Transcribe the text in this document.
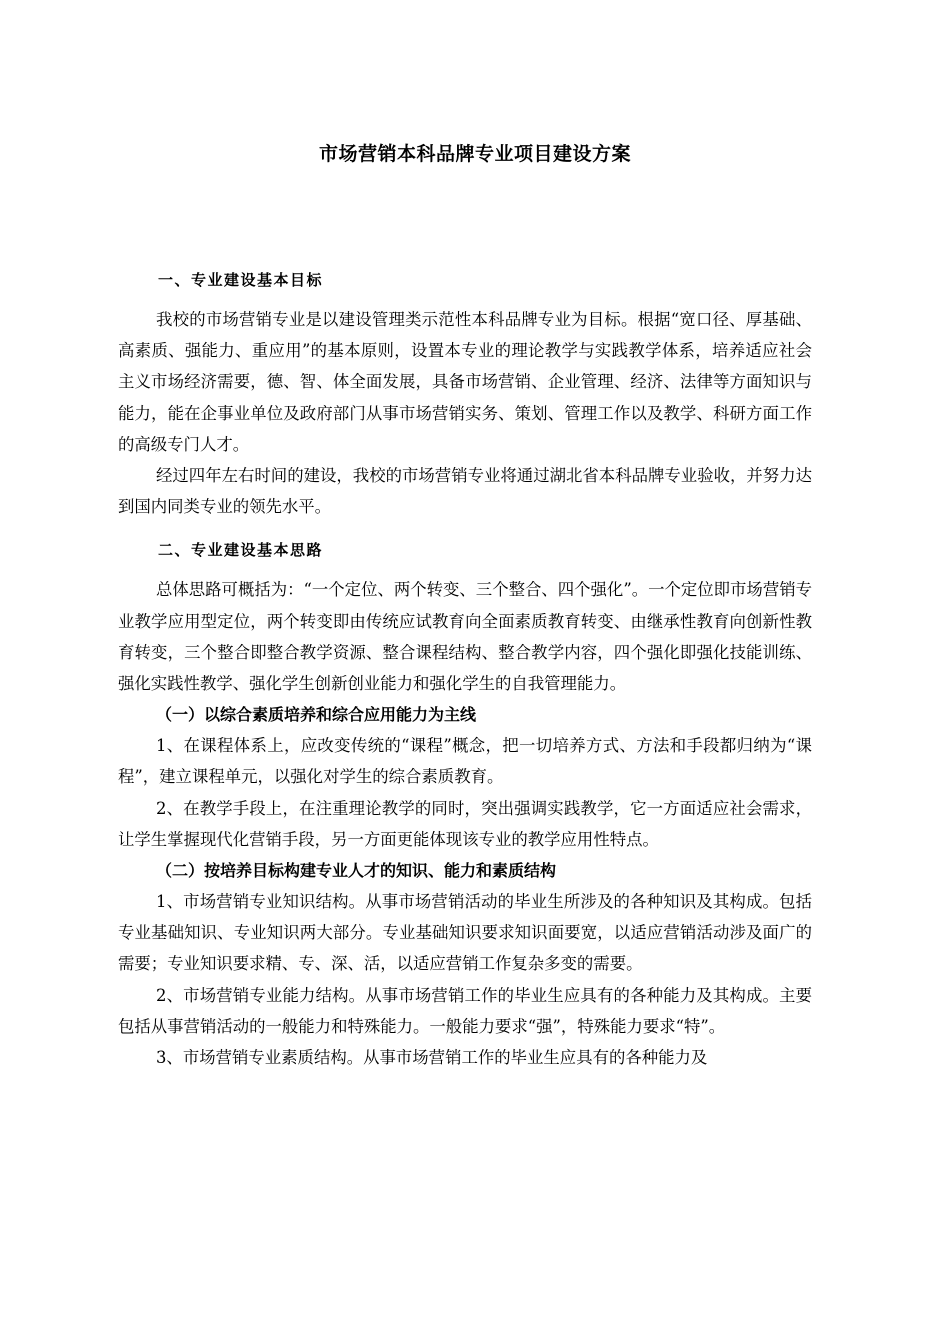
市场营销本科品牌专业项目建设方案

一、专业建设基本目标

我校的市场营销专业是以建设管理类示范性本科品牌专业为目标。根据“宽口径、厚基础、高素质、强能力、重应用”的基本原则，设置本专业的理论教学与实践教学体系，培养适应社会主义市场经济需要，德、智、体全面发展，具备市场营销、企业管理、经济、法律等方面知识与能力，能在企事业单位及政府部门从事市场营销实务、策划、管理工作以及教学、科研方面工作的高级专门人才。

经过四年左右时间的建设，我校的市场营销专业将通过湖北省本科品牌专业验收，并努力达到国内同类专业的领先水平。

二、专业建设基本思路

总体思路可概括为：“一个定位、两个转变、三个整合、四个强化”。一个定位即市场营销专业教学应用型定位，两个转变即由传统应试教育向全面素质教育转变、由继承性教育向创新性教育转变，三个整合即整合教学资源、整合课程结构、整合教学内容，四个强化即强化技能训练、强化实践性教学、强化学生创新创业能力和强化学生的自我管理能力。

（一）以综合素质培养和综合应用能力为主线

1、在课程体系上，应改变传统的“课程”概念，把一切培养方式、方法和手段都归纳为“课程”，建立课程单元，以强化对学生的综合素质教育。

2、在教学手段上，在注重理论教学的同时，突出强调实践教学，它一方面适应社会需求，让学生掌握现代化营销手段，另一方面更能体现该专业的教学应用性特点。

（二）按培养目标构建专业人才的知识、能力和素质结构

1、市场营销专业知识结构。从事市场营销活动的毕业生所涉及的各种知识及其构成。包括专业基础知识、专业知识两大部分。专业基础知识要求知识面要宽，以适应营销活动涉及面广的需要；专业知识要求精、专、深、活，以适应营销工作复杂多变的需要。

2、市场营销专业能力结构。从事市场营销工作的毕业生应具有的各种能力及其构成。主要包括从事营销活动的一般能力和特殊能力。一般能力要求“强”，特殊能力要求“特”。

3、市场营销专业素质结构。从事市场营销工作的毕业生应具有的各种能力及
